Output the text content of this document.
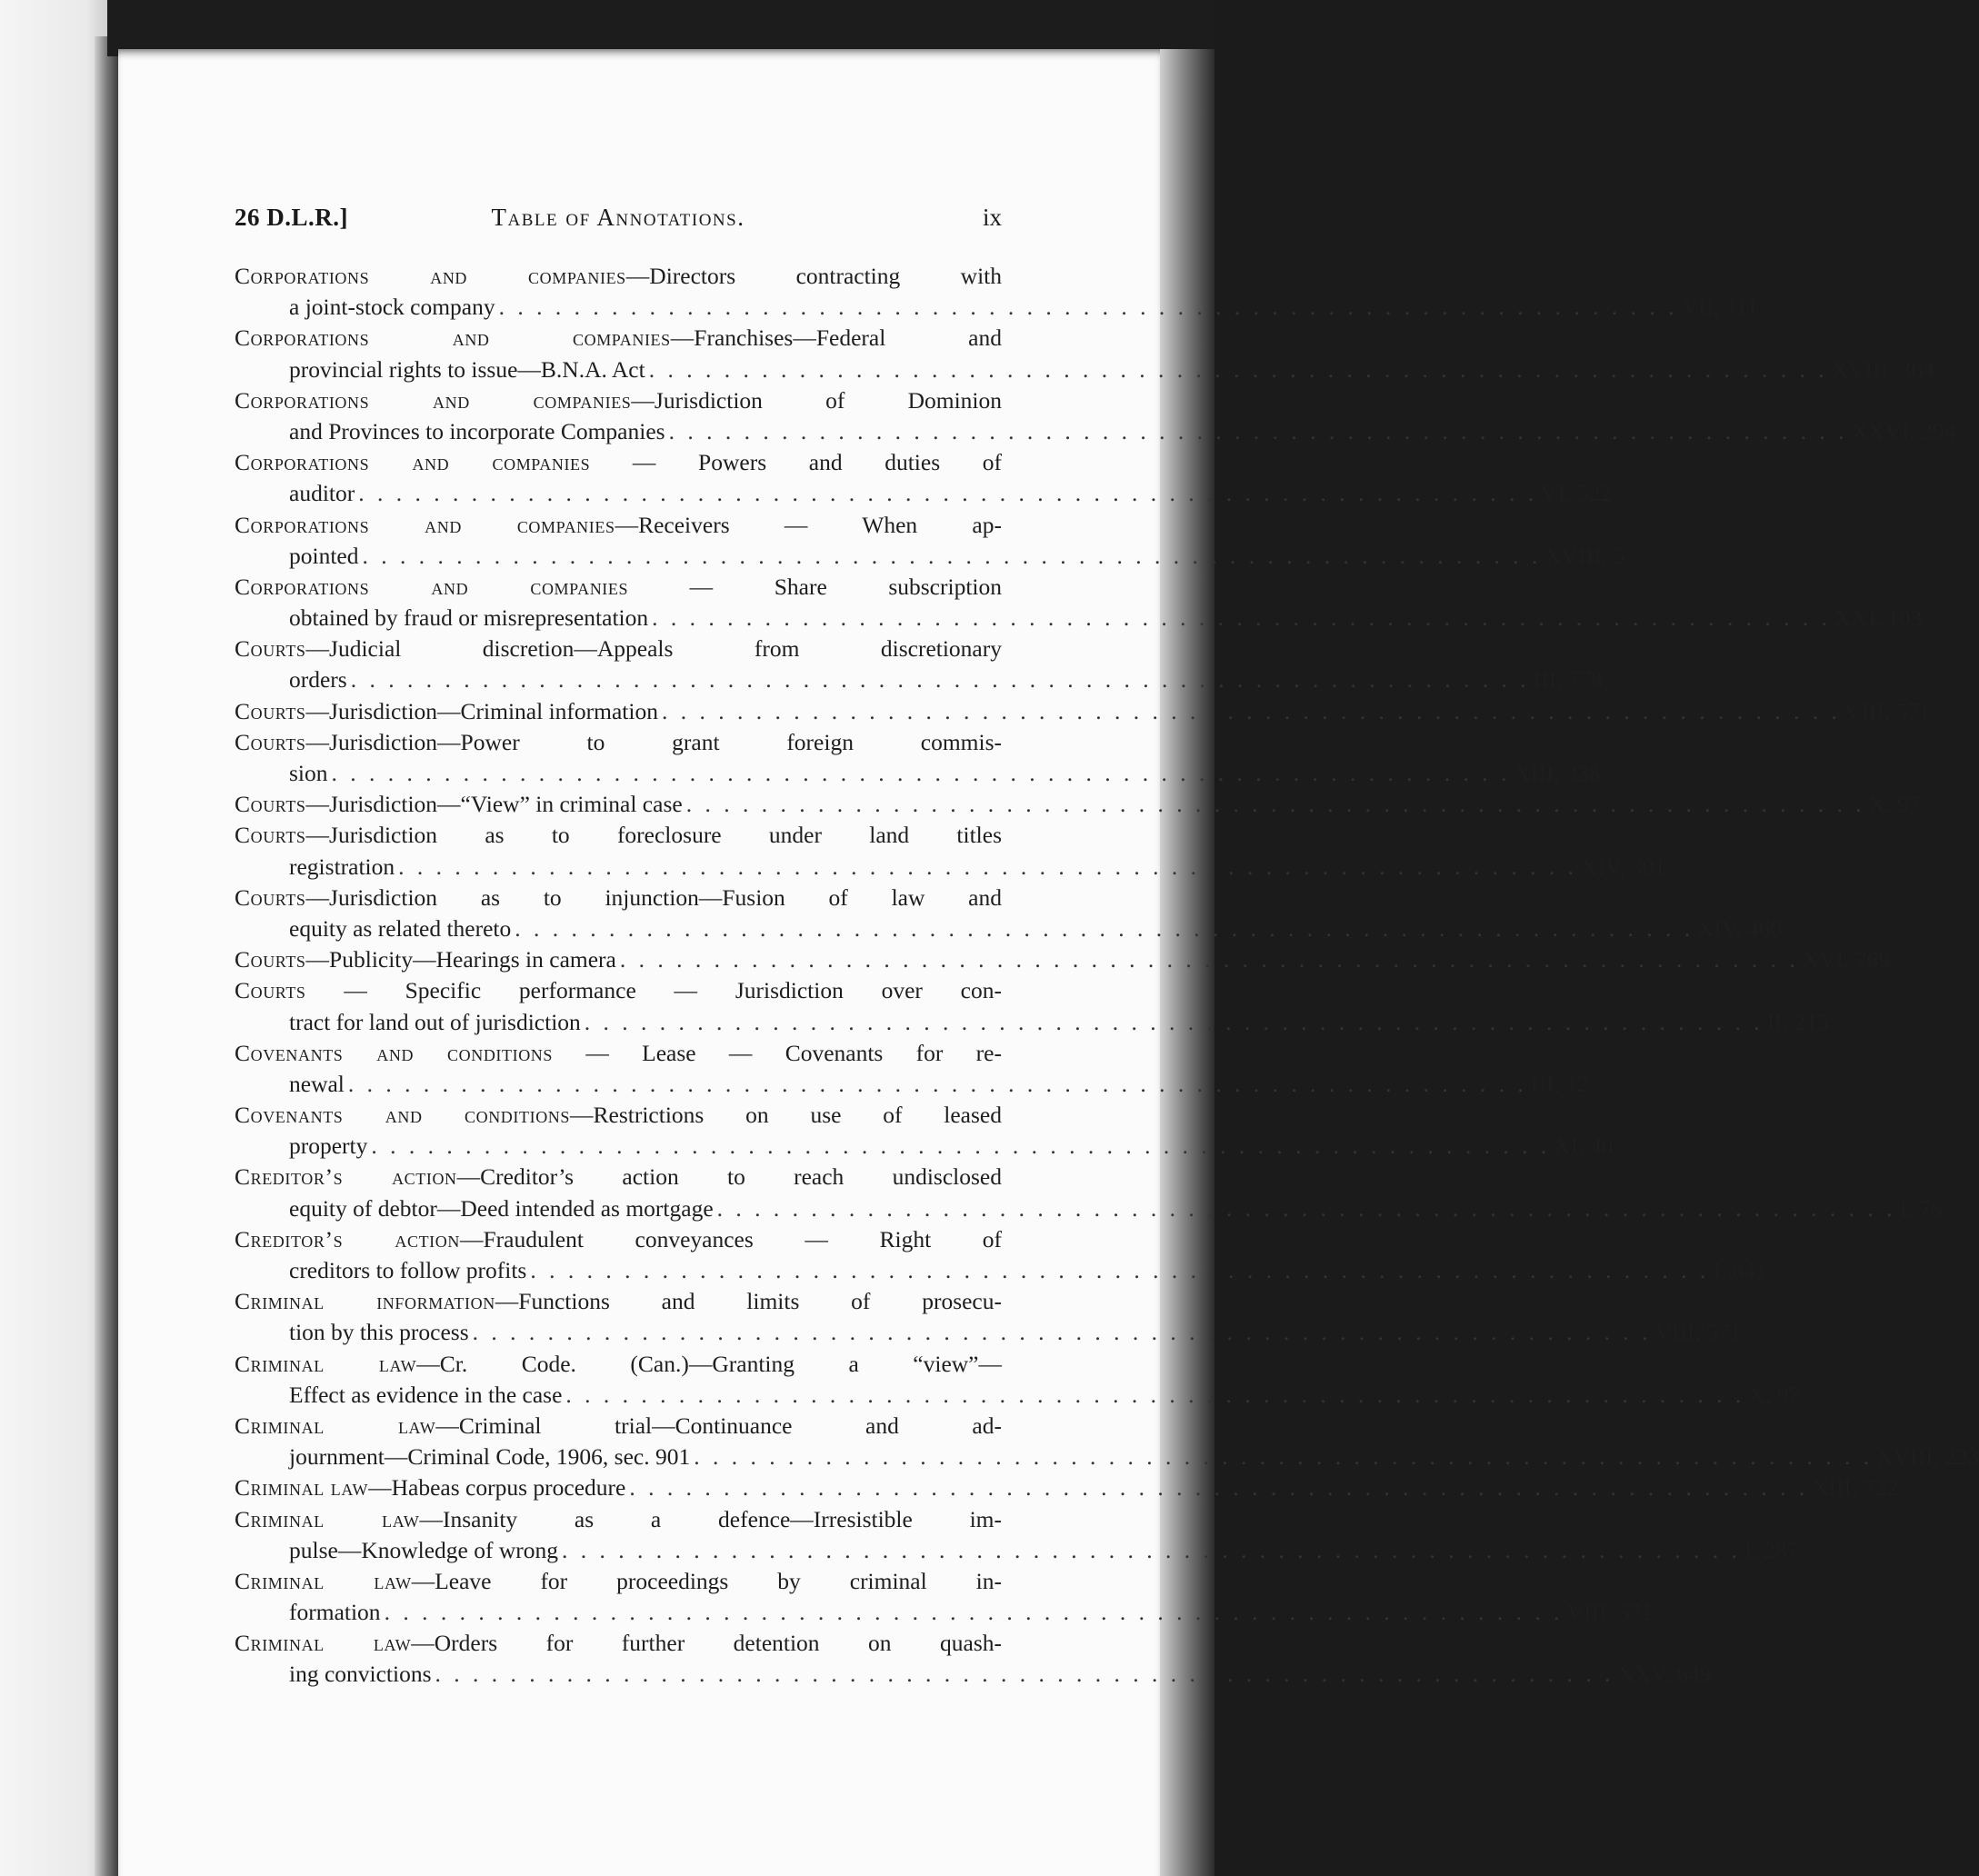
26 D.L.R.]	Table of Annotations.	ix
Corporations and companies—Directors contracting with
a joint-stock company . . . . . . . . . . . . . . . . . . . . . . . . . . . . . . . . . . . . . . . . . . . . . . . . . . . . . . . . . . . . . . . VII, 111
Corporations and companies—Franchises—Federal and
provincial rights to issue—B.N.A. Act . . . . . . . . . . . . . . . . . . . . . . . . . . . . . . . . . . . . . . . . . . . . . . . . . . . . . . . . . . . . . . . XVIII, 364
Corporations and companies—Jurisdiction of Dominion
and Provinces to incorporate Companies . . . . . . . . . . . . . . . . . . . . . . . . . . . . . . . . . . . . . . . . . . . . . . . . . . . . . . . . . . . . . . . XXVI, 294
Corporations and companies — Powers and duties of
auditor . . . . . . . . . . . . . . . . . . . . . . . . . . . . . . . . . . . . . . . . . . . . . . . . . . . . . . . . . . . . . . . VI, 522
Corporations and companies—Receivers — When ap-
pointed . . . . . . . . . . . . . . . . . . . . . . . . . . . . . . . . . . . . . . . . . . . . . . . . . . . . . . . . . . . . . . . XVIII, 5
Corporations and companies — Share subscription
obtained by fraud or misrepresentation . . . . . . . . . . . . . . . . . . . . . . . . . . . . . . . . . . . . . . . . . . . . . . . . . . . . . . . . . . . . . . . XXI, 103
Courts—Judicial discretion—Appeals from discretionary
orders . . . . . . . . . . . . . . . . . . . . . . . . . . . . . . . . . . . . . . . . . . . . . . . . . . . . . . . . . . . . . . . III, 778
Courts—Jurisdiction—Criminal information . . . . . . . . . . . . . . . . . . . . . . . . . . . . . . . . . . . . . . . . . . . . . . . . . . . . . . . . . . . . . . . VIII, 571
Courts—Jurisdiction—Power to grant foreign commis-
sion . . . . . . . . . . . . . . . . . . . . . . . . . . . . . . . . . . . . . . . . . . . . . . . . . . . . . . . . . . . . . . . XIII, 338
Courts—Jurisdiction—“View” in criminal case . . . . . . . . . . . . . . . . . . . . . . . . . . . . . . . . . . . . . . . . . . . . . . . . . . . . . . . . . . . . . . . X, 97
Courts—Jurisdiction as to foreclosure under land titles
registration . . . . . . . . . . . . . . . . . . . . . . . . . . . . . . . . . . . . . . . . . . . . . . . . . . . . . . . . . . . . . . . XIV, 301
Courts—Jurisdiction as to injunction—Fusion of law and
equity as related thereto . . . . . . . . . . . . . . . . . . . . . . . . . . . . . . . . . . . . . . . . . . . . . . . . . . . . . . . . . . . . . . . XIV, 460
Courts—Publicity—Hearings in camera . . . . . . . . . . . . . . . . . . . . . . . . . . . . . . . . . . . . . . . . . . . . . . . . . . . . . . . . . . . . . . . XVI, 769
Courts — Specific performance — Jurisdiction over con-
tract for land out of jurisdiction . . . . . . . . . . . . . . . . . . . . . . . . . . . . . . . . . . . . . . . . . . . . . . . . . . . . . . . . . . . . . . . II, 215
Covenants and conditions — Lease — Covenants for re-
newal . . . . . . . . . . . . . . . . . . . . . . . . . . . . . . . . . . . . . . . . . . . . . . . . . . . . . . . . . . . . . . . III, 12
Covenants and conditions—Restrictions on use of leased
property . . . . . . . . . . . . . . . . . . . . . . . . . . . . . . . . . . . . . . . . . . . . . . . . . . . . . . . . . . . . . . . XI, 40
Creditor’s action—Creditor’s action to reach undisclosed
equity of debtor—Deed intended as mortgage . . . . . . . . . . . . . . . . . . . . . . . . . . . . . . . . . . . . . . . . . . . . . . . . . . . . . . . . . . . . . . . I, 76
Creditor’s action—Fraudulent conveyances — Right of
creditors to follow profits . . . . . . . . . . . . . . . . . . . . . . . . . . . . . . . . . . . . . . . . . . . . . . . . . . . . . . . . . . . . . . . I, 841
Criminal information—Functions and limits of prosecu-
tion by this process . . . . . . . . . . . . . . . . . . . . . . . . . . . . . . . . . . . . . . . . . . . . . . . . . . . . . . . . . . . . . . . VIII, 571
Criminal law—Cr. Code. (Can.)—Granting a “view”—
Effect as evidence in the case . . . . . . . . . . . . . . . . . . . . . . . . . . . . . . . . . . . . . . . . . . . . . . . . . . . . . . . . . . . . . . . X, 97
Criminal law—Criminal trial—Continuance and ad-
journment—Criminal Code, 1906, sec. 901 . . . . . . . . . . . . . . . . . . . . . . . . . . . . . . . . . . . . . . . . . . . . . . . . . . . . . . . . . . . . . . . XVIII, 223
Criminal law—Habeas corpus procedure . . . . . . . . . . . . . . . . . . . . . . . . . . . . . . . . . . . . . . . . . . . . . . . . . . . . . . . . . . . . . . . XIII, 722
Criminal law—Insanity as a defence—Irresistible im-
pulse—Knowledge of wrong . . . . . . . . . . . . . . . . . . . . . . . . . . . . . . . . . . . . . . . . . . . . . . . . . . . . . . . . . . . . . . . I, 287
Criminal law—Leave for proceedings by criminal in-
formation . . . . . . . . . . . . . . . . . . . . . . . . . . . . . . . . . . . . . . . . . . . . . . . . . . . . . . . . . . . . . . . VIII, 571
Criminal law—Orders for further detention on quash-
ing convictions . . . . . . . . . . . . . . . . . . . . . . . . . . . . . . . . . . . . . . . . . . . . . . . . . . . . . . . . . . . . . . . XXV, 649
